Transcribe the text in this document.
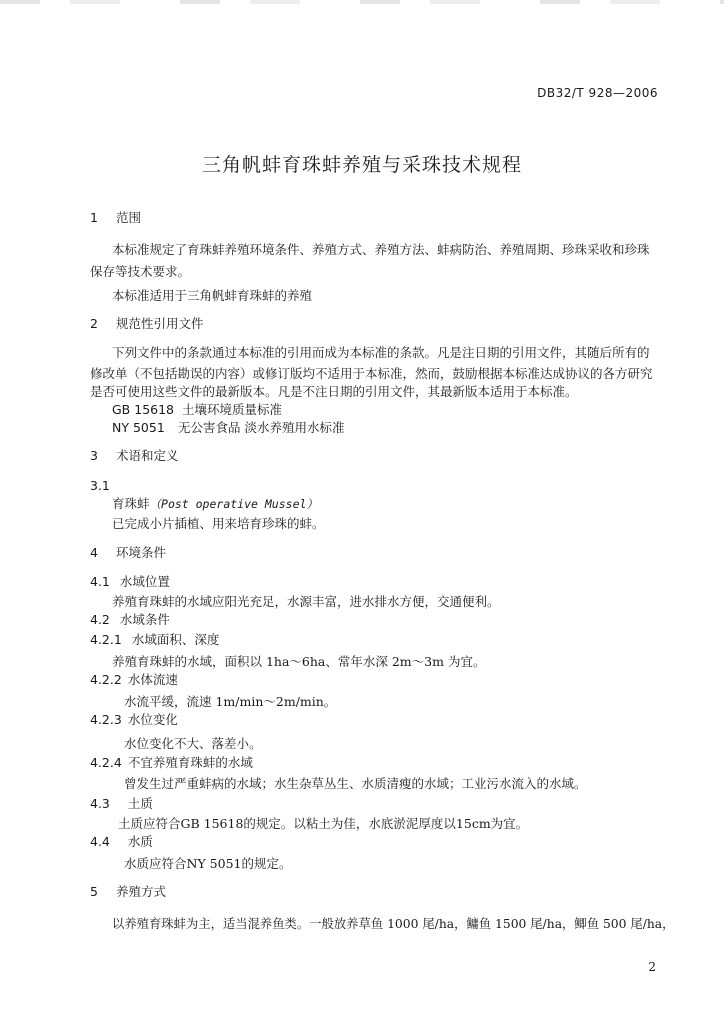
DB32/T 928—2006
三角帆蚌育珠蚌养殖与采珠技术规程
1 范围
本标准规定了育珠蚌养殖环境条件、养殖方式、养殖方法、蚌病防治、养殖周期、珍珠采收和珍珠
保存等技术要求。
本标准适用于三角帆蚌育珠蚌的养殖
2 规范性引用文件
下列文件中的条款通过本标准的引用而成为本标准的条款。凡是注日期的引用文件，其随后所有的
修改单（不包括勘误的内容）或修订版均不适用于本标准，然而，鼓励根据本标准达成协议的各方研究
是否可使用这些文件的最新版本。凡是不注日期的引用文件，其最新版本适用于本标准。
GB 15618 土壤环境质量标准
NY 5051 无公害食品 淡水养殖用水标准
3 术语和定义
3.1
育珠蚌（Post operative Mussel）
已完成小片插植、用来培育珍珠的蚌。
4 环境条件
4.1 水域位置
养殖育珠蚌的水域应阳光充足，水源丰富，进水排水方便，交通便利。
4.2 水域条件
4.2.1 水域面积、深度
养殖育珠蚌的水域，面积以 1ha～6ha、常年水深 2m～3m 为宜。
4.2.2 水体流速
水流平缓，流速 1m/min～2m/min。
4.2.3 水位变化
水位变化不大、落差小。
4.2.4 不宜养殖育珠蚌的水域
曾发生过严重蚌病的水域；水生杂草丛生、水质清瘦的水域；工业污水流入的水域。
4.3 土质
土质应符合GB 15618的规定。以粘土为佳，水底淤泥厚度以15cm为宜。
4.4 水质
水质应符合NY 5051的规定。
5 养殖方式
以养殖育珠蚌为主，适当混养鱼类。一般放养草鱼 1000 尾/ha，鳙鱼 1500 尾/ha，鲫鱼 500 尾/ha，
2
